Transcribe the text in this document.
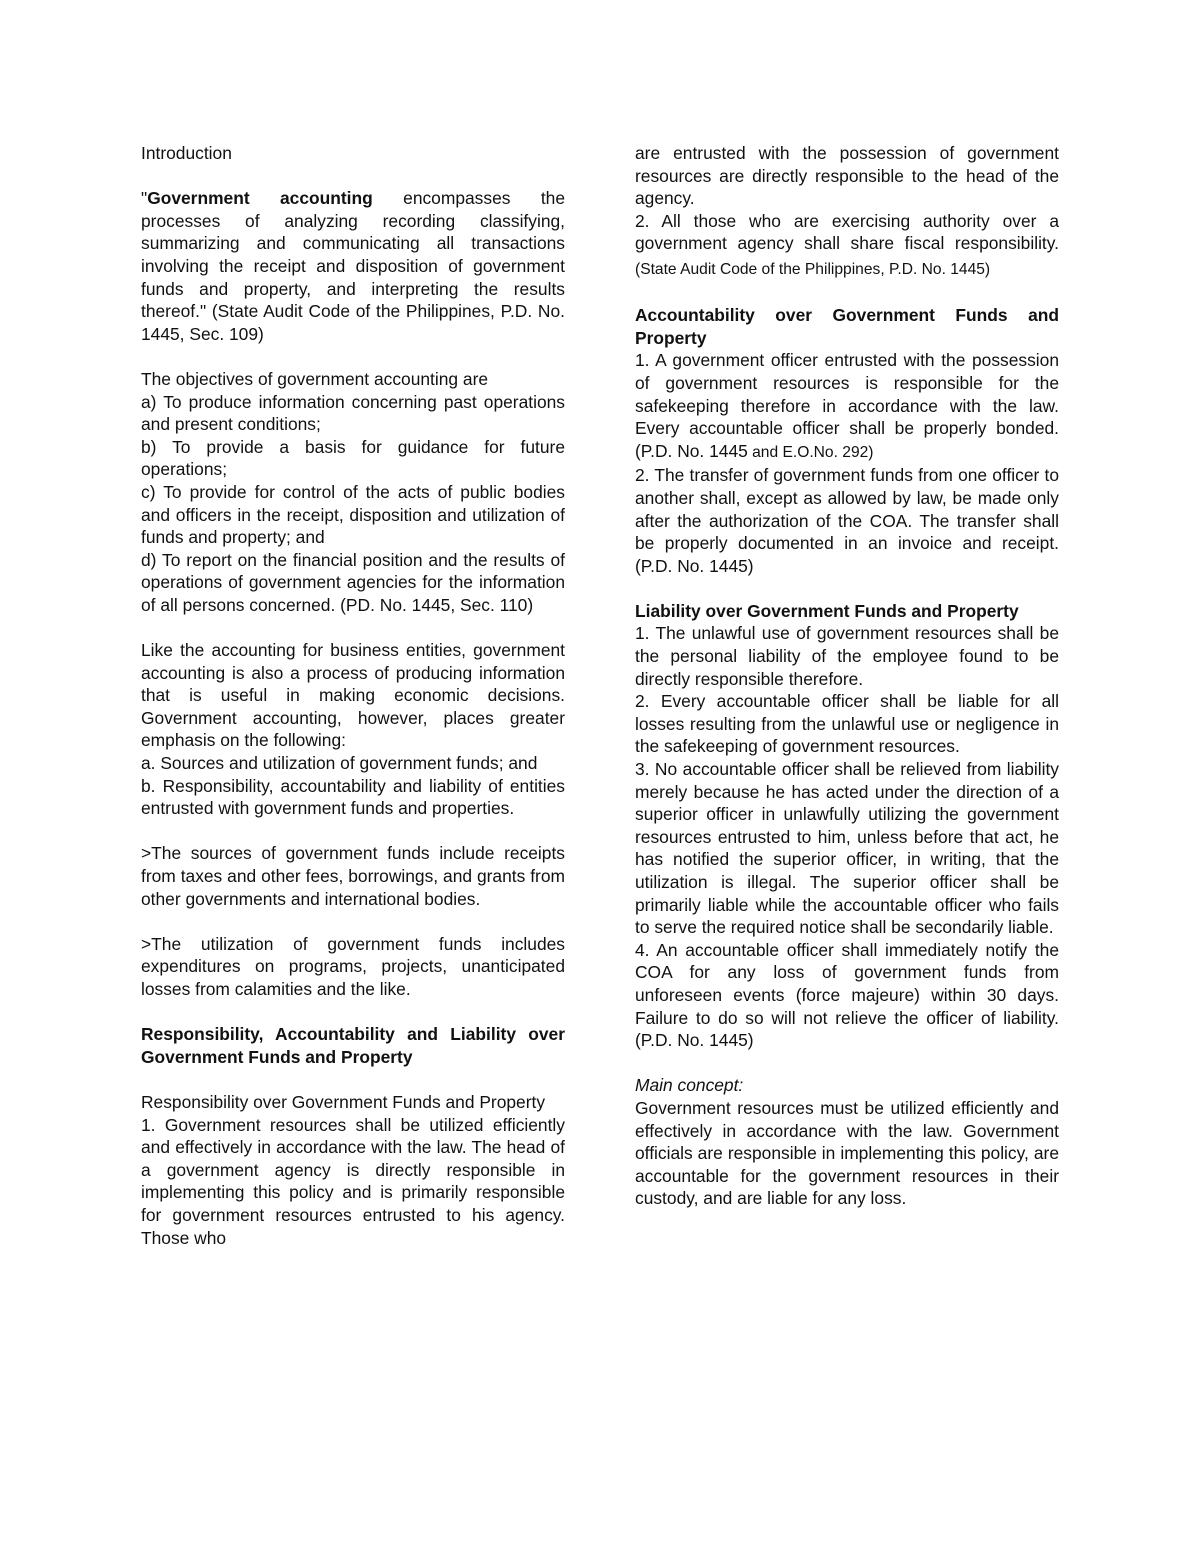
Introduction

"Government accounting encompasses the processes of analyzing recording classifying, summarizing and communicating all transactions involving the receipt and disposition of government funds and property, and interpreting the results thereof." (State Audit Code of the Philippines, P.D. No. 1445, Sec. 109)

The objectives of government accounting are

a) To produce information concerning past operations and present conditions;

b) To provide a basis for guidance for future operations;

c) To provide for control of the acts of public bodies and officers in the receipt, disposition and utilization of funds and property; and

d) To report on the financial position and the results of operations of government agencies for the information of all persons concerned. (PD. No. 1445, Sec. 110)

Like the accounting for business entities, government accounting is also a process of producing information that is useful in making economic decisions. Government accounting, however, places greater emphasis on the following:

a. Sources and utilization of government funds; and

b. Responsibility, accountability and liability of entities entrusted with government funds and properties.

>The sources of government funds include receipts from taxes and other fees, borrowings, and grants from other governments and international bodies.

>The utilization of government funds includes expenditures on programs, projects, unanticipated losses from calamities and the like.

Responsibility, Accountability and Liability over Government Funds and Property

Responsibility over Government Funds and Property

1. Government resources shall be utilized efficiently and effectively in accordance with the law. The head of a government agency is directly responsible in implementing this policy and is primarily responsible for government resources entrusted to his agency. Those who

are entrusted with the possession of government resources are directly responsible to the head of the agency.

2. All those who are exercising authority over a government agency shall share fiscal responsibility. (State Audit Code of the Philippines, P.D. No. 1445)

Accountability over Government Funds and Property

1. A government officer entrusted with the possession of government resources is responsible for the safekeeping therefore in accordance with the law. Every accountable officer shall be properly bonded. (P.D. No. 1445 and E.O.No. 292)

2. The transfer of government funds from one officer to another shall, except as allowed by law, be made only after the authorization of the COA. The transfer shall be properly documented in an invoice and receipt. (P.D. No. 1445)

Liability over Government Funds and Property

1. The unlawful use of government resources shall be the personal liability of the employee found to be directly responsible therefore.

2. Every accountable officer shall be liable for all losses resulting from the unlawful use or negligence in the safekeeping of government resources.

3. No accountable officer shall be relieved from liability merely because he has acted under the direction of a superior officer in unlawfully utilizing the government resources entrusted to him, unless before that act, he has notified the superior officer, in writing, that the utilization is illegal. The superior officer shall be primarily liable while the accountable officer who fails to serve the required notice shall be secondarily liable.

4. An accountable officer shall immediately notify the COA for any loss of government funds from unforeseen events (force majeure) within 30 days. Failure to do so will not relieve the officer of liability. (P.D. No. 1445)

Main concept:

Government resources must be utilized efficiently and effectively in accordance with the law. Government officials are responsible in implementing this policy, are accountable for the government resources in their custody, and are liable for any loss.
